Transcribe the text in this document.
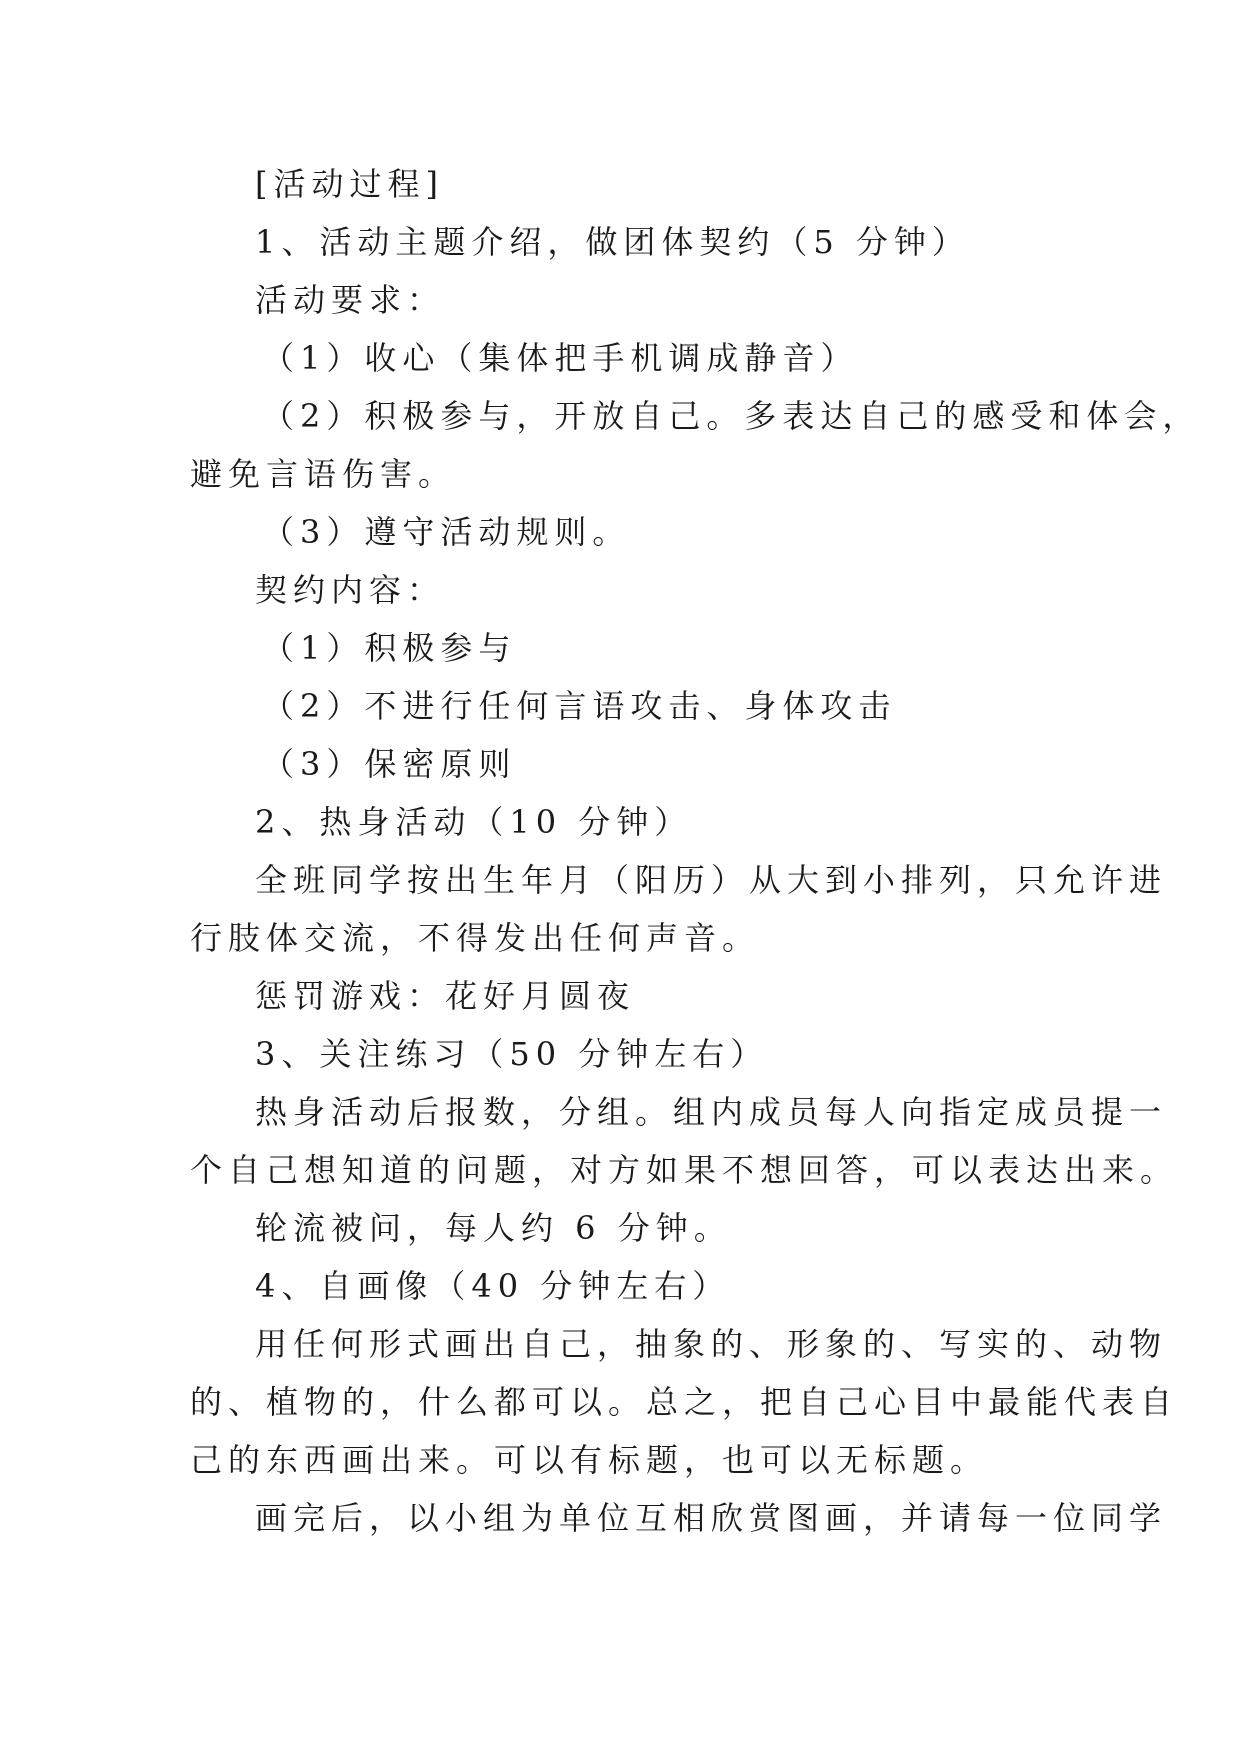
[活动过程]
1、活动主题介绍，做团体契约（5 分钟）
活动要求：
（1）收心（集体把手机调成静音）
（2）积极参与，开放自己。多表达自己的感受和体会，
避免言语伤害。
（3）遵守活动规则。
契约内容：
（1）积极参与
（2）不进行任何言语攻击、身体攻击
（3）保密原则
2、热身活动（10 分钟）
全班同学按出生年月（阳历）从大到小排列，只允许进
行肢体交流，不得发出任何声音。
惩罚游戏：花好月圆夜
3、关注练习（50 分钟左右）
热身活动后报数，分组。组内成员每人向指定成员提一
个自己想知道的问题，对方如果不想回答，可以表达出来。
轮流被问，每人约 6 分钟。
4、自画像（40 分钟左右）
用任何形式画出自己，抽象的、形象的、写实的、动物
的、植物的，什么都可以。总之，把自己心目中最能代表自
己的东西画出来。可以有标题，也可以无标题。
画完后，以小组为单位互相欣赏图画，并请每一位同学
